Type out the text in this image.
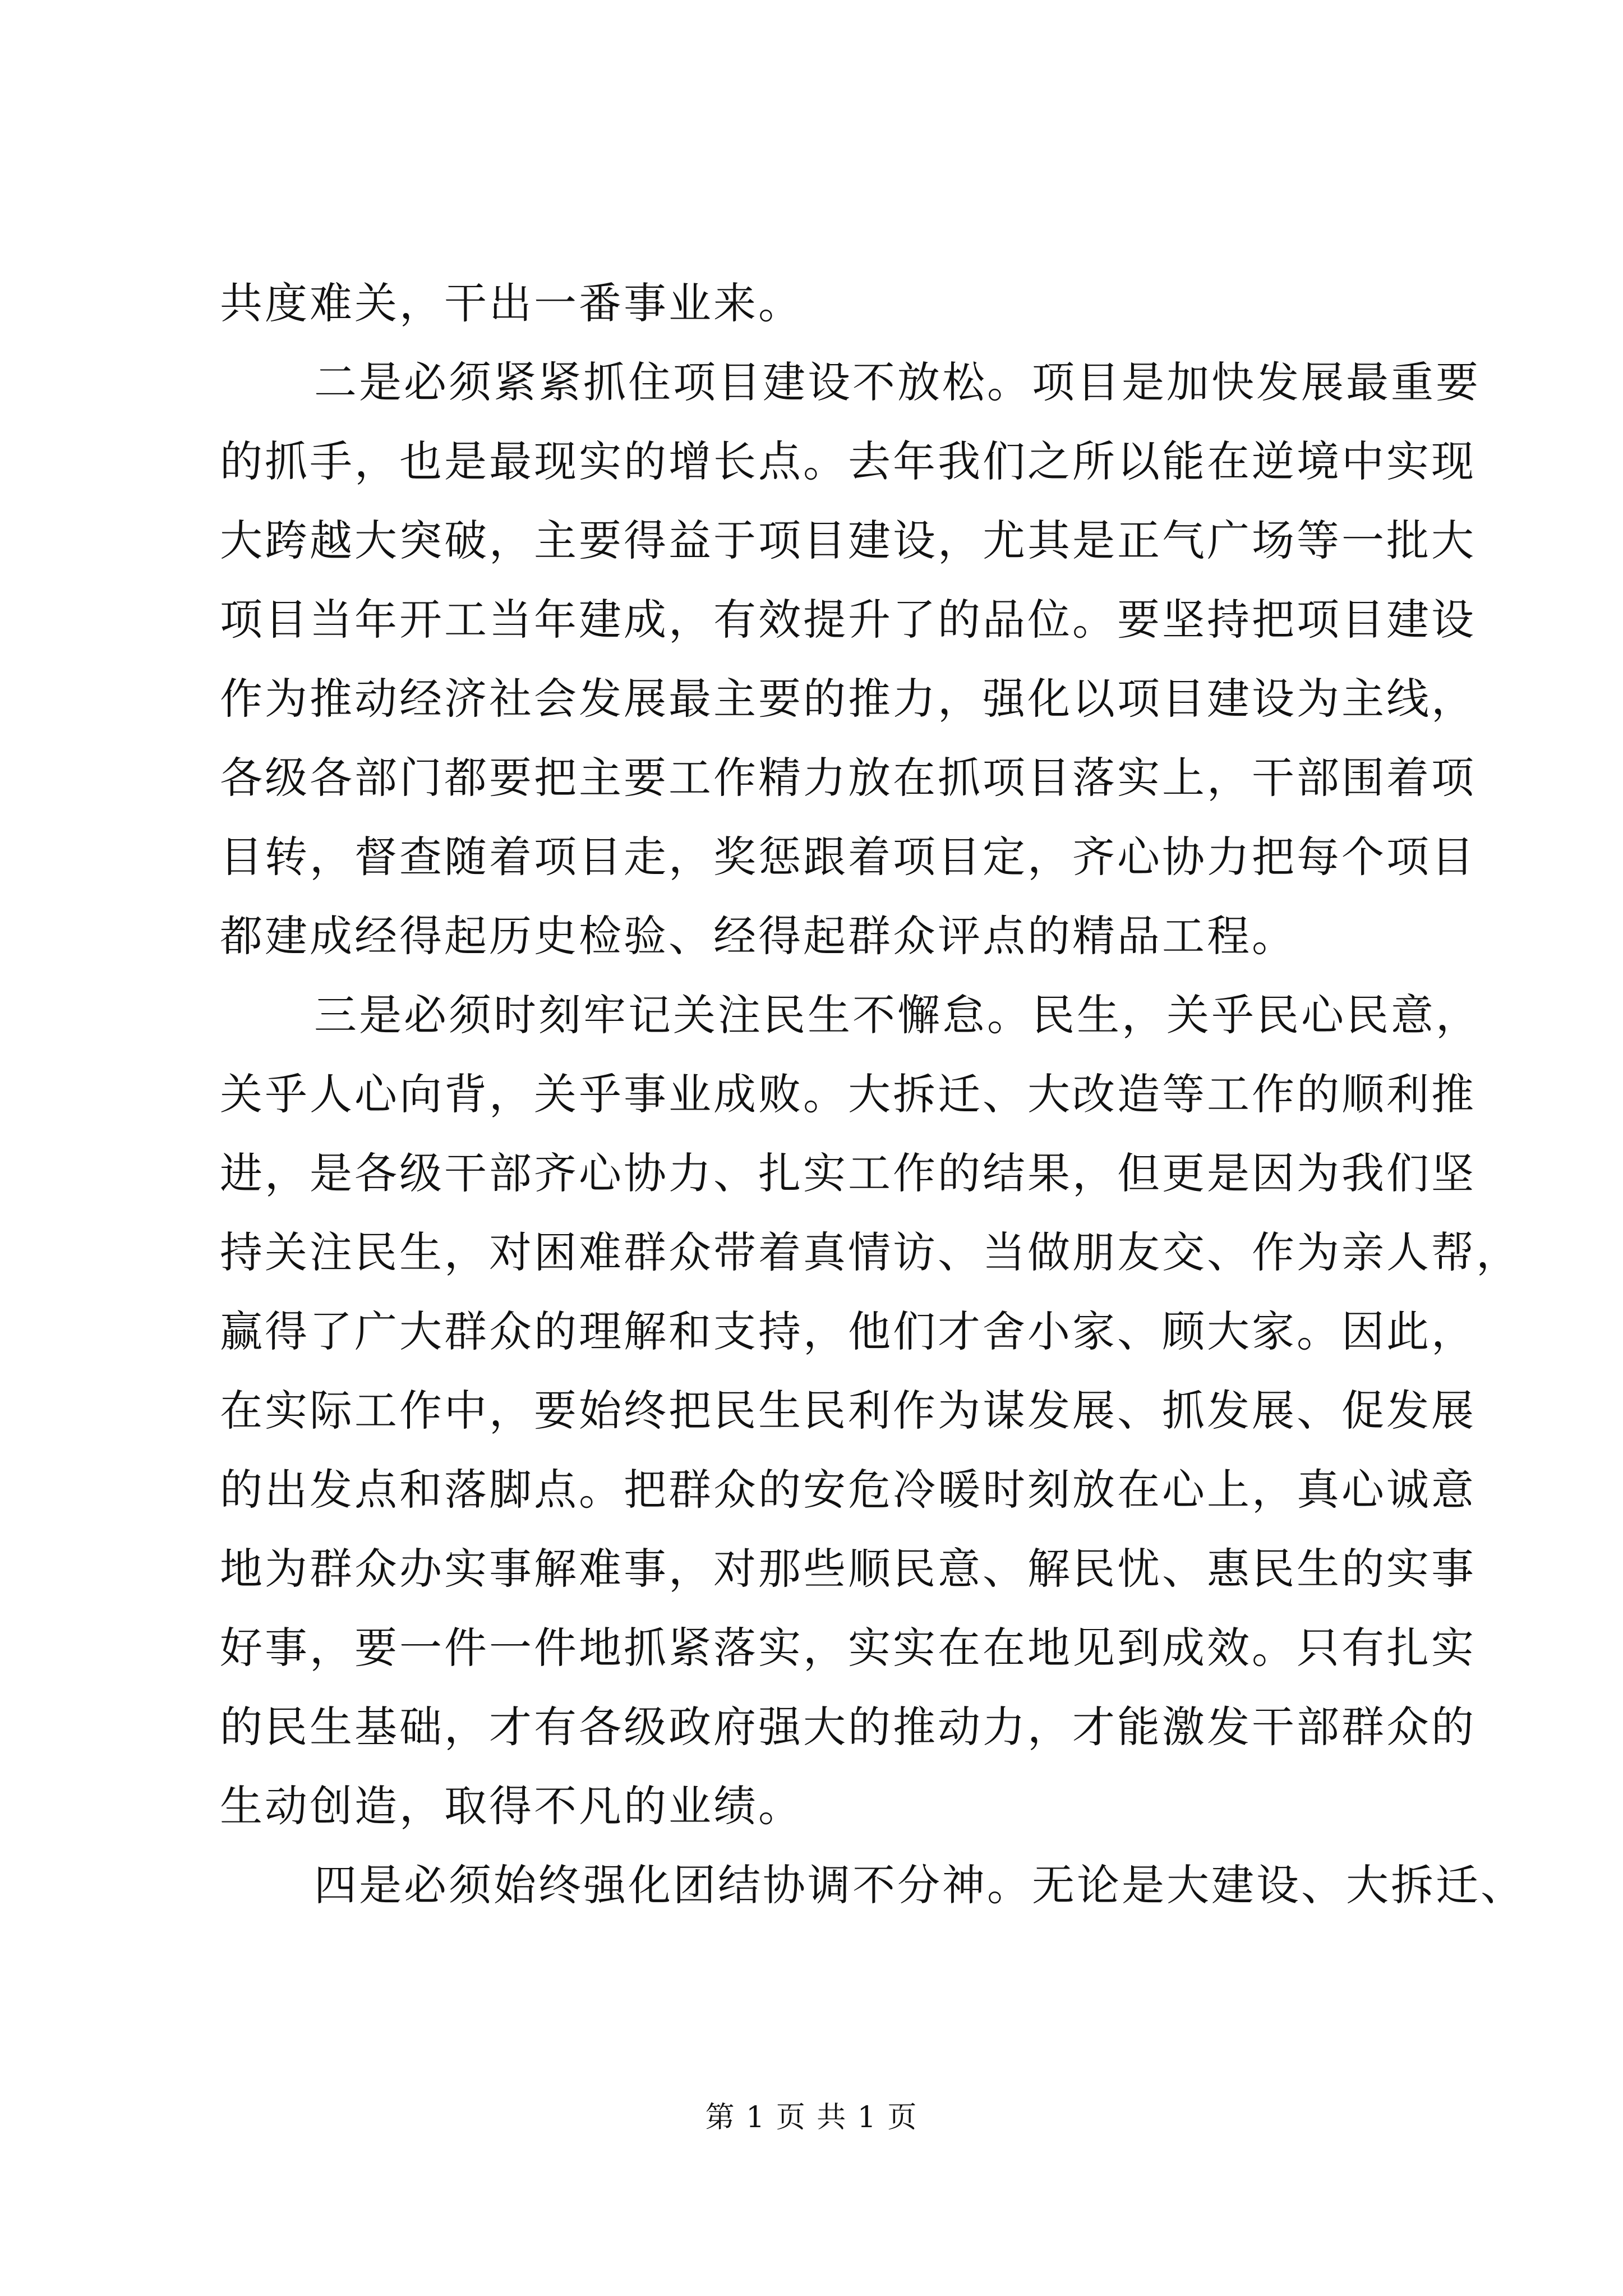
共度难关，干出一番事业来。
二是必须紧紧抓住项目建设不放松。项目是加快发展最重要
的抓手，也是最现实的增长点。去年我们之所以能在逆境中实现
大跨越大突破，主要得益于项目建设，尤其是正气广场等一批大
项目当年开工当年建成，有效提升了的品位。要坚持把项目建设
作为推动经济社会发展最主要的推力，强化以项目建设为主线，
各级各部门都要把主要工作精力放在抓项目落实上，干部围着项
目转，督查随着项目走，奖惩跟着项目定，齐心协力把每个项目
都建成经得起历史检验、经得起群众评点的精品工程。
三是必须时刻牢记关注民生不懈怠。民生，关乎民心民意，
关乎人心向背，关乎事业成败。大拆迁、大改造等工作的顺利推
进，是各级干部齐心协力、扎实工作的结果，但更是因为我们坚
持关注民生，对困难群众带着真情访、当做朋友交、作为亲人帮，
赢得了广大群众的理解和支持，他们才舍小家、顾大家。因此，
在实际工作中，要始终把民生民利作为谋发展、抓发展、促发展
的出发点和落脚点。把群众的安危冷暖时刻放在心上，真心诚意
地为群众办实事解难事，对那些顺民意、解民忧、惠民生的实事
好事，要一件一件地抓紧落实，实实在在地见到成效。只有扎实
的民生基础，才有各级政府强大的推动力，才能激发干部群众的
生动创造，取得不凡的业绩。
四是必须始终强化团结协调不分神。无论是大建设、大拆迁、
第 1 页 共 1 页
